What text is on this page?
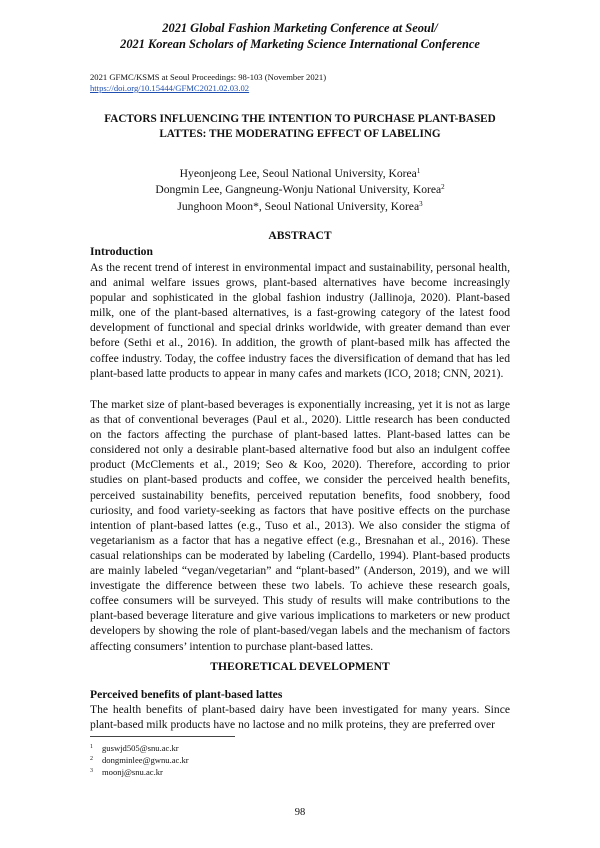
2021 Global Fashion Marketing Conference at Seoul/
2021 Korean Scholars of Marketing Science International Conference
2021 GFMC/KSMS at Seoul Proceedings: 98-103 (November 2021)
https://doi.org/10.15444/GFMC2021.02.03.02
FACTORS INFLUENCING THE INTENTION TO PURCHASE PLANT-BASED LATTES: THE MODERATING EFFECT OF LABELING
Hyeonjeong Lee, Seoul National University, Korea$^1$
Dongmin Lee, Gangneung-Wonju National University, Korea$^2$
Junghoon Moon*, Seoul National University, Korea$^3$
ABSTRACT
Introduction

As the recent trend of interest in environmental impact and sustainability, personal health, and animal welfare issues grows, plant-based alternatives have become increasingly popular and sophisticated in the global fashion industry (Jallinoja, 2020). Plant-based milk, one of the plant-based alternatives, is a fast-growing category of the latest food development of functional and special drinks worldwide, with greater demand than ever before (Sethi et al., 2016). In addition, the growth of plant-based milk has affected the coffee industry. Today, the coffee industry faces the diversification of demand that has led plant-based latte products to appear in many cafes and markets (ICO, 2018; CNN, 2021).

The market size of plant-based beverages is exponentially increasing, yet it is not as large as that of conventional beverages (Paul et al., 2020). Little research has been conducted on the factors affecting the purchase of plant-based lattes. Plant-based lattes can be considered not only a desirable plant-based alternative food but also an indulgent coffee product (McClements et al., 2019; Seo & Koo, 2020). Therefore, according to prior studies on plant-based products and coffee, we consider the perceived health benefits, perceived sustainability benefits, perceived reputation benefits, food snobbery, food curiosity, and food variety-seeking as factors that have positive effects on the purchase intention of plant-based lattes (e.g., Tuso et al., 2013). We also consider the stigma of vegetarianism as a factor that has a negative effect (e.g., Bresnahan et al., 2016). These casual relationships can be moderated by labeling (Cardello, 1994). Plant-based products are mainly labeled “vegan/vegetarian” and “plant-based” (Anderson, 2019), and we will investigate the difference between these two labels. To achieve these research goals, coffee consumers will be surveyed. This study of results will make contributions to the plant-based beverage literature and give various implications to marketers or new product developers by showing the role of plant-based/vegan labels and the mechanism of factors affecting consumers’ intention to purchase plant-based lattes.

THEORETICAL DEVELOPMENT
Perceived benefits of plant-based lattes

The health benefits of plant-based dairy have been investigated for many years. Since plant-based milk products have no lactose and no milk proteins, they are preferred over

1 guswjd505@snu.ac.kr
2 dongminlee@gwnu.ac.kr
3 moonj@snu.ac.kr
98
